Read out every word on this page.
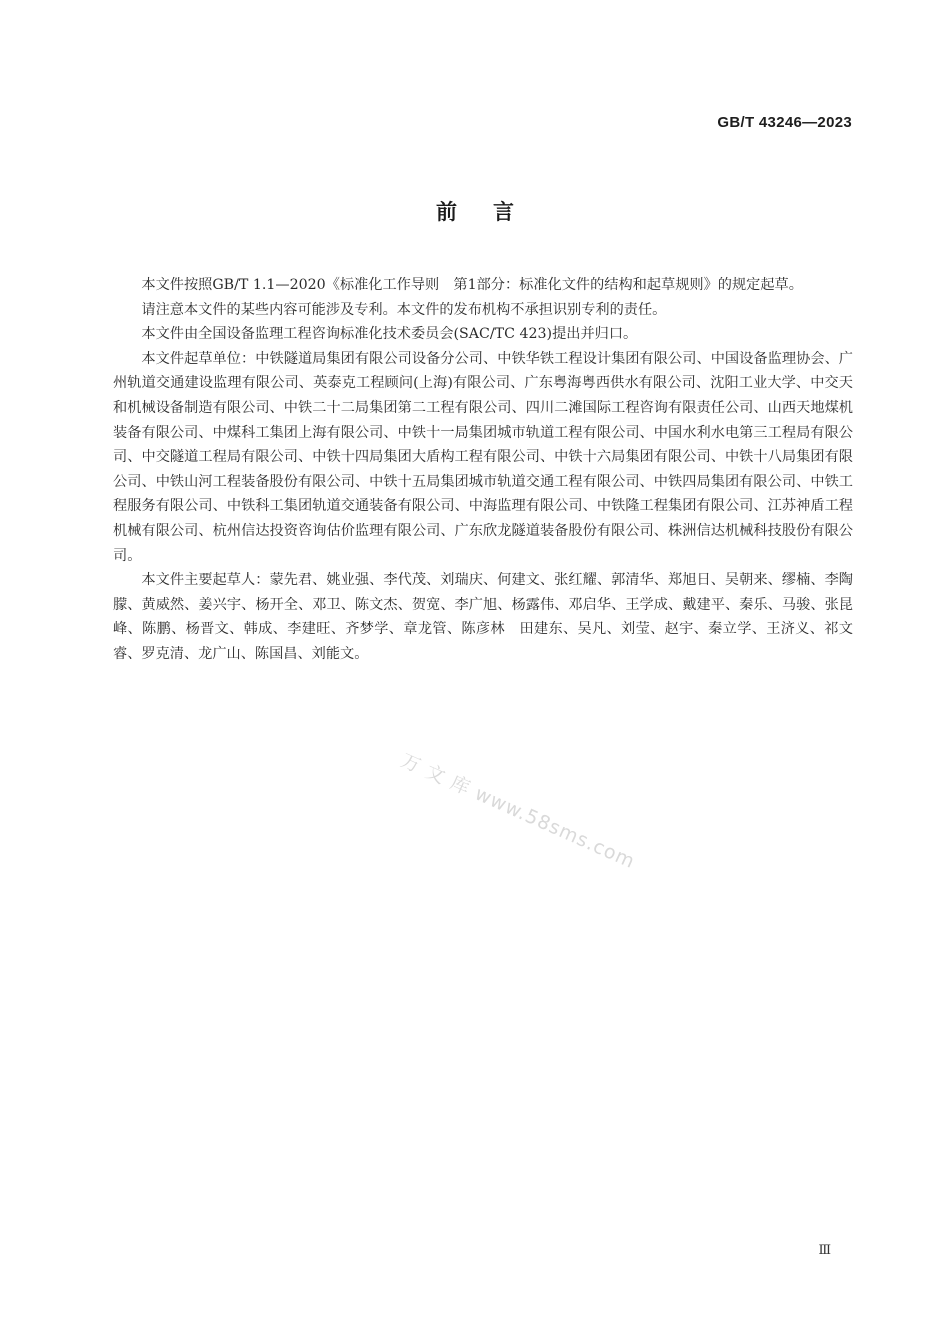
GB/T 43246—2023
前言

本文件按照GB/T 1.1—2020《标准化工作导则　第1部分：标准化文件的结构和起草规则》的规定起草。

请注意本文件的某些内容可能涉及专利。本文件的发布机构不承担识别专利的责任。

本文件由全国设备监理工程咨询标准化技术委员会(SAC/TC 423)提出并归口。

本文件起草单位：中铁隧道局集团有限公司设备分公司、中铁华铁工程设计集团有限公司、中国设备监理协会、广州轨道交通建设监理有限公司、英泰克工程顾问(上海)有限公司、广东粤海粤西供水有限公司、沈阳工业大学、中交天和机械设备制造有限公司、中铁二十二局集团第二工程有限公司、四川二滩国际工程咨询有限责任公司、山西天地煤机装备有限公司、中煤科工集团上海有限公司、中铁十一局集团城市轨道工程有限公司、中国水利水电第三工程局有限公司、中交隧道工程局有限公司、中铁十四局集团大盾构工程有限公司、中铁十六局集团有限公司、中铁十八局集团有限公司、中铁山河工程装备股份有限公司、中铁十五局集团城市轨道交通工程有限公司、中铁四局集团有限公司、中铁工程服务有限公司、中铁科工集团轨道交通装备有限公司、中海监理有限公司、中铁隆工程集团有限公司、江苏神盾工程机械有限公司、杭州信达投资咨询估价监理有限公司、广东欣龙隧道装备股份有限公司、株洲信达机械科技股份有限公司。

本文件主要起草人：蒙先君、姚业强、李代茂、刘瑞庆、何建文、张红耀、郭清华、郑旭日、吴朝来、缪楠、李陶朦、黄威然、姜兴宇、杨开全、邓卫、陈文杰、贺宽、李广旭、杨露伟、邓启华、王学成、戴建平、秦乐、马骏、张昆峰、陈鹏、杨晋文、韩成、李建旺、齐梦学、章龙管、陈彦林　田建东、吴凡、刘莹、赵宇、秦立学、王济义、祁文睿、罗克清、龙广山、陈国昌、刘能文。

万 文 库 www.58sms.com
Ⅲ
